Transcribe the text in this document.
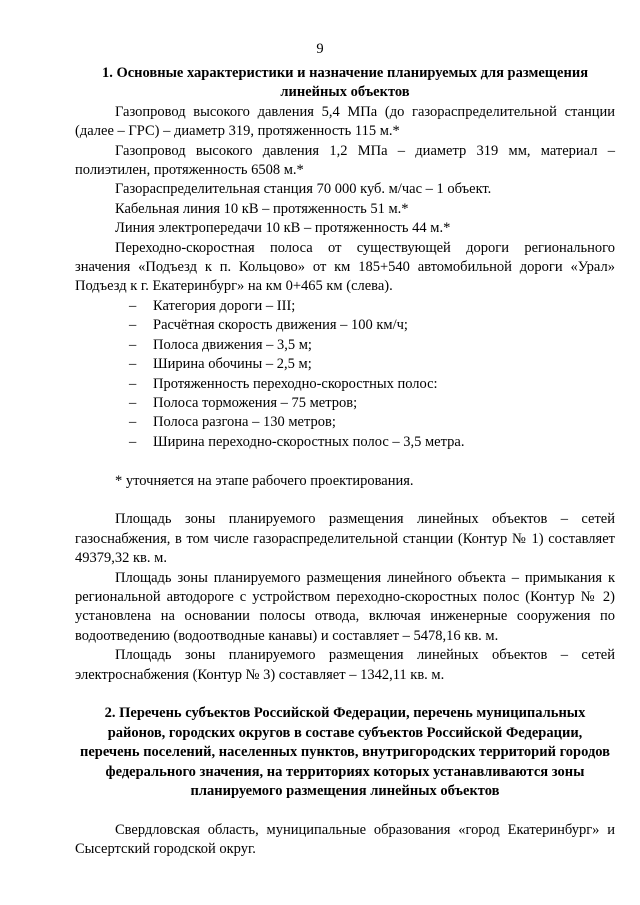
9
1. Основные характеристики и назначение планируемых для размещения линейных объектов

Газопровод высокого давления 5,4 МПа (до газораспределительной станции (далее – ГРС) – диаметр 319, протяженность 115 м.*

Газопровод высокого давления 1,2 МПа – диаметр 319 мм, материал – полиэтилен, протяженность 6508 м.*

Газораспределительная станция 70 000 куб. м/час – 1 объект.

Кабельная линия 10 кВ – протяженность 51 м.*

Линия электропередачи 10 кВ – протяженность 44 м.*

Переходно-скоростная полоса от существующей дороги регионального значения «Подъезд к п. Кольцово» от км 185+540 автомобильной дороги «Урал» Подъезд к г. Екатеринбург» на км 0+465 км (слева).

– Категория дороги – III;
– Расчётная скорость движения – 100 км/ч;
– Полоса движения – 3,5 м;
– Ширина обочины – 2,5 м;
– Протяженность переходно-скоростных полос:
– Полоса торможения – 75 метров;
– Полоса разгона – 130 метров;
– Ширина переходно-скоростных полос – 3,5 метра.

* уточняется на этапе рабочего проектирования.

Площадь зоны планируемого размещения линейных объектов – сетей газоснабжения, в том числе газораспределительной станции (Контур № 1) составляет 49379,32 кв. м.

Площадь зоны планируемого размещения линейного объекта – примыкания к региональной автодороге с устройством переходно-скоростных полос (Контур № 2) установлена на основании полосы отвода, включая инженерные сооружения по водоотведению (водоотводные канавы) и составляет – 5478,16 кв. м.

Площадь зоны планируемого размещения линейных объектов – сетей электроснабжения (Контур № 3) составляет – 1342,11 кв. м.

2. Перечень субъектов Российской Федерации, перечень муниципальных районов, городских округов в составе субъектов Российской Федерации, перечень поселений, населенных пунктов, внутригородских территорий городов федерального значения, на территориях которых устанавливаются зоны планируемого размещения линейных объектов

Свердловская область, муниципальные образования «город Екатеринбург» и Сысертский городской округ.
